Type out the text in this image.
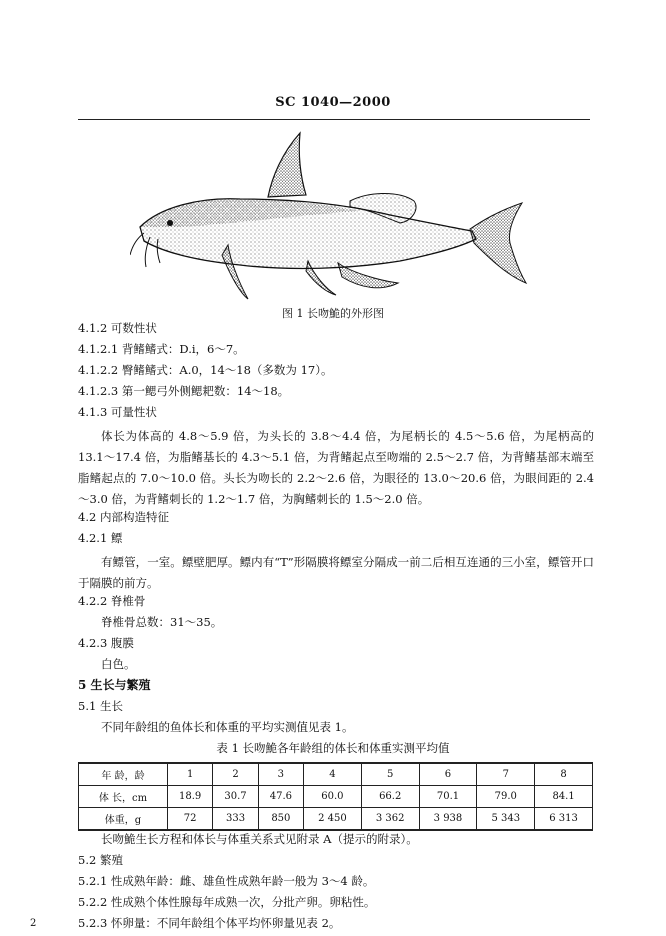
SC 1040—2000
图 1 长吻鮠的外形图
4.1.2 可数性状
4.1.2.1 背鳍鳍式：D.i，6～7。
4.1.2.2 臀鳍鳍式：A.0，14～18（多数为 17）。
4.1.2.3 第一鳃弓外侧鳃耙数：14～18。
4.1.3 可量性状
体长为体高的 4.8～5.9 倍，为头长的 3.8～4.4 倍，为尾柄长的 4.5～5.6 倍，为尾柄高的 13.1～17.4 倍，为脂鳍基长的 4.3～5.1 倍，为背鳍起点至吻端的 2.5～2.7 倍，为背鳍基部末端至脂鳍起点的 7.0～10.0 倍。头长为吻长的 2.2～2.6 倍，为眼径的 13.0～20.6 倍，为眼间距的 2.4～3.0 倍，为背鳍刺长的 1.2～1.7 倍，为胸鳍刺长的 1.5～2.0 倍。
4.2 内部构造特征
4.2.1 鳔
有鳔管，一室。鳔壁肥厚。鳔内有“T”形隔膜将鳔室分隔成一前二后相互连通的三小室，鳔管开口于隔膜的前方。
4.2.2 脊椎骨
脊椎骨总数：31～35。
4.2.3 腹膜
白色。
5 生长与繁殖
5.1 生长
不同年龄组的鱼体长和体重的平均实测值见表 1。
表 1 长吻鮠各年龄组的体长和体重实测平均值
年 龄，龄	1	2	3	4	5	6	7	8
体 长，cm	18.9	30.7	47.6	60.0	66.2	70.1	79.0	84.1
体重，g	72	333	850	2 450	3 362	3 938	5 343	6 313
长吻鮠生长方程和体长与体重关系式见附录 A（提示的附录）。
5.2 繁殖
5.2.1 性成熟年龄：雌、雄鱼性成熟年龄一般为 3～4 龄。
5.2.2 性成熟个体性腺每年成熟一次，分批产卵。卵粘性。
5.2.3 怀卵量：不同年龄组个体平均怀卵量见表 2。
2
